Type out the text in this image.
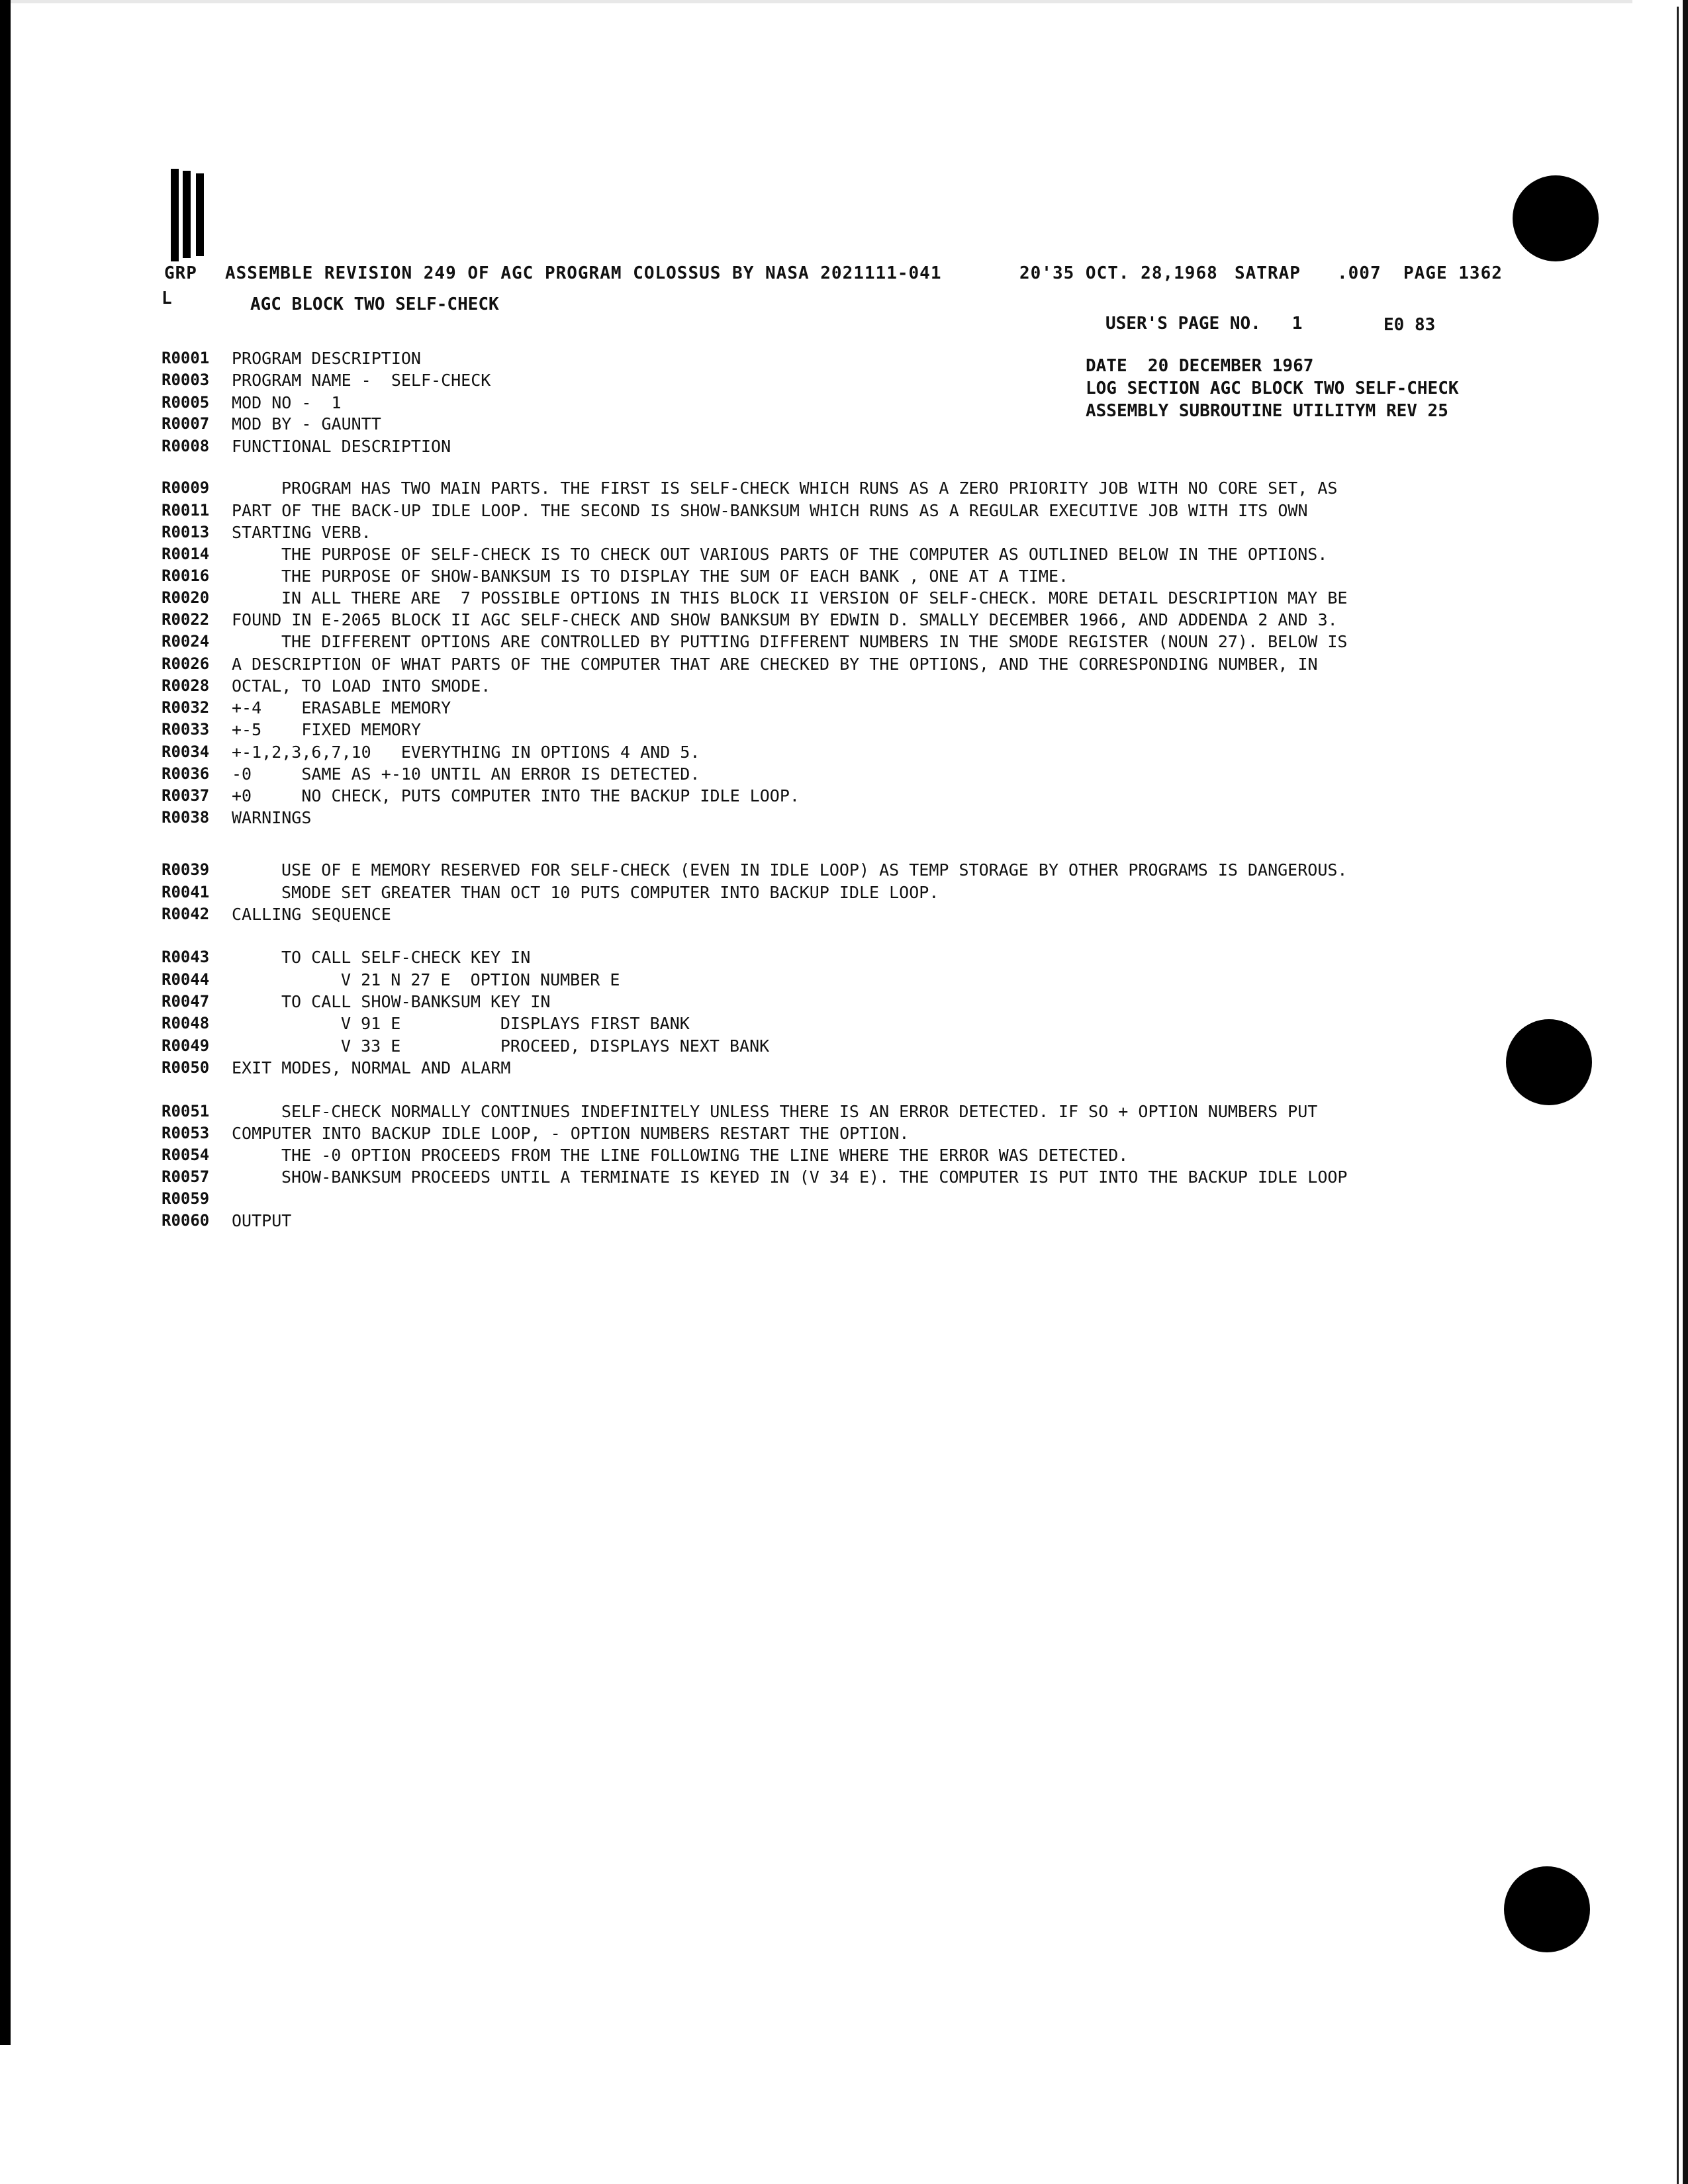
GRP ASSEMBLE REVISION 249 OF AGC PROGRAM COLOSSUS BY NASA 2021111-041	20'35 OCT. 28,1968 SATRAP .007 PAGE 1362
L	AGC BLOCK TWO SELF-CHECK
USER'S PAGE NO.   1	E0 83
DATE  20 DECEMBER 1967
LOG SECTION AGC BLOCK TWO SELF-CHECK
ASSEMBLY SUBROUTINE UTILITYM REV 25
R0001 PROGRAM DESCRIPTION
R0003 PROGRAM NAME -  SELF-CHECK
R0005 MOD NO -  1
R0007 MOD BY - GAUNTT
R0008 FUNCTIONAL DESCRIPTION
R0009	PROGRAM HAS TWO MAIN PARTS. THE FIRST IS SELF-CHECK WHICH RUNS AS A ZERO PRIORITY JOB WITH NO CORE SET, AS
R0011 PART OF THE BACK-UP IDLE LOOP. THE SECOND IS SHOW-BANKSUM WHICH RUNS AS A REGULAR EXECUTIVE JOB WITH ITS OWN
R0013 STARTING VERB.
R0014	THE PURPOSE OF SELF-CHECK IS TO CHECK OUT VARIOUS PARTS OF THE COMPUTER AS OUTLINED BELOW IN THE OPTIONS.
R0016	THE PURPOSE OF SHOW-BANKSUM IS TO DISPLAY THE SUM OF EACH BANK , ONE AT A TIME.
R0020	IN ALL THERE ARE  7 POSSIBLE OPTIONS IN THIS BLOCK II VERSION OF SELF-CHECK. MORE DETAIL DESCRIPTION MAY BE
R0022 FOUND IN E-2065 BLOCK II AGC SELF-CHECK AND SHOW BANKSUM BY EDWIN D. SMALLY DECEMBER 1966, AND ADDENDA 2 AND 3.
R0024	THE DIFFERENT OPTIONS ARE CONTROLLED BY PUTTING DIFFERENT NUMBERS IN THE SMODE REGISTER (NOUN 27). BELOW IS
R0026 A DESCRIPTION OF WHAT PARTS OF THE COMPUTER THAT ARE CHECKED BY THE OPTIONS, AND THE CORRESPONDING NUMBER, IN
R0028 OCTAL, TO LOAD INTO SMODE.
R0032 +-4    ERASABLE MEMORY
R0033 +-5    FIXED MEMORY
R0034 +-1,2,3,6,7,10   EVERYTHING IN OPTIONS 4 AND 5.
R0036 -0     SAME AS +-10 UNTIL AN ERROR IS DETECTED.
R0037 +0     NO CHECK, PUTS COMPUTER INTO THE BACKUP IDLE LOOP.
R0038 WARNINGS
R0039	USE OF E MEMORY RESERVED FOR SELF-CHECK (EVEN IN IDLE LOOP) AS TEMP STORAGE BY OTHER PROGRAMS IS DANGEROUS.
R0041	SMODE SET GREATER THAN OCT 10 PUTS COMPUTER INTO BACKUP IDLE LOOP.
R0042 CALLING SEQUENCE
R0043	TO CALL SELF-CHECK KEY IN
R0044	V 21 N 27 E  OPTION NUMBER E
R0047	TO CALL SHOW-BANKSUM KEY IN
R0048	V 91 E          DISPLAYS FIRST BANK
R0049	V 33 E          PROCEED, DISPLAYS NEXT BANK
R0050 EXIT MODES, NORMAL AND ALARM
R0051	SELF-CHECK NORMALLY CONTINUES INDEFINITELY UNLESS THERE IS AN ERROR DETECTED. IF SO + OPTION NUMBERS PUT
R0053 COMPUTER INTO BACKUP IDLE LOOP, - OPTION NUMBERS RESTART THE OPTION.
R0054	THE -0 OPTION PROCEEDS FROM THE LINE FOLLOWING THE LINE WHERE THE ERROR WAS DETECTED.
R0057	SHOW-BANKSUM PROCEEDS UNTIL A TERMINATE IS KEYED IN (V 34 E). THE COMPUTER IS PUT INTO THE BACKUP IDLE LOOP
R0059
R0060 OUTPUT
